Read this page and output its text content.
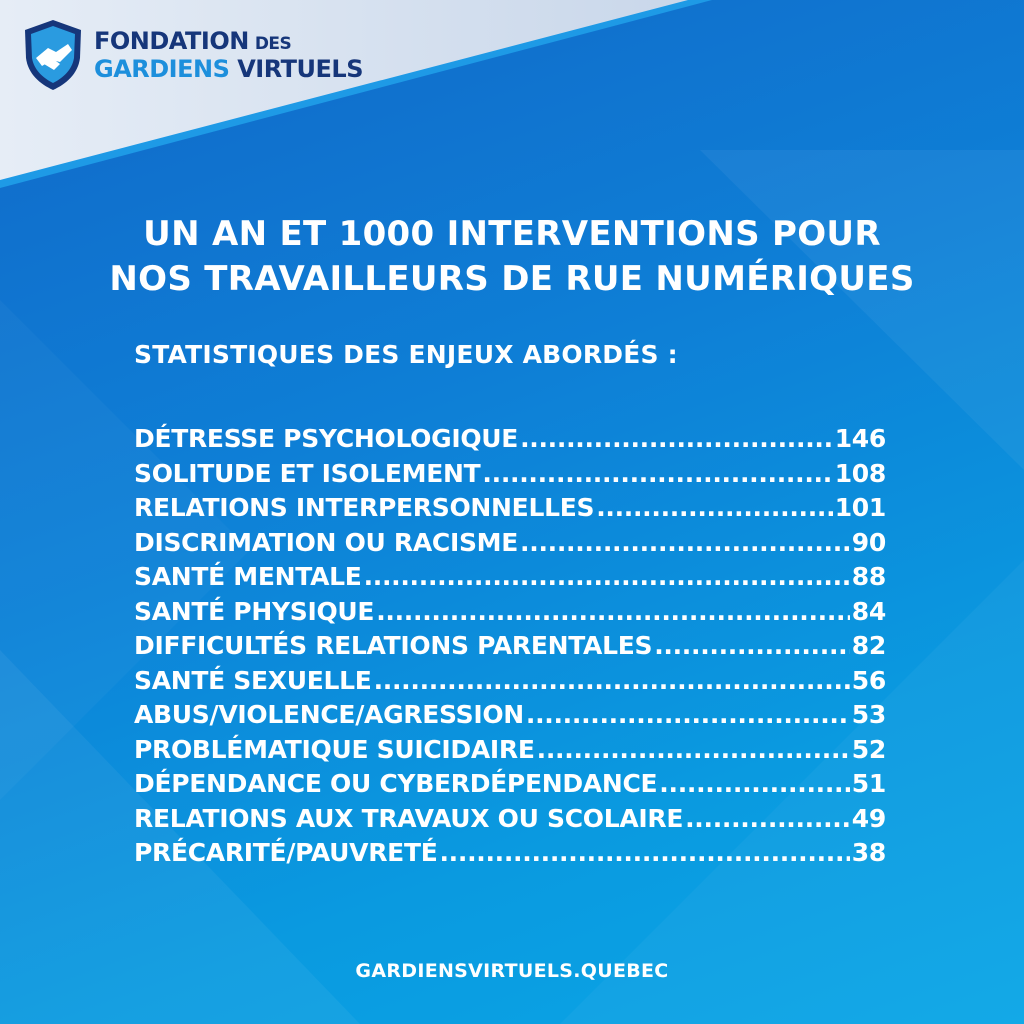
FONDATION DES
GARDIENS VIRTUELS
UN AN ET 1000 INTERVENTIONS POUR
NOS TRAVAILLEURS DE RUE NUMÉRIQUES
STATISTIQUES DES ENJEUX ABORDÉS :
DÉTRESSE PSYCHOLOGIQUE .....	146
SOLITUDE ET ISOLEMENT .....	108
RELATIONS INTERPERSONNELLES .....	101
DISCRIMATION OU RACISME .....	90
SANTÉ MENTALE .....	88
SANTÉ PHYSIQUE .....	84
DIFFICULTÉS RELATIONS PARENTALES .....	82
SANTÉ SEXUELLE .....	56
ABUS/VIOLENCE/AGRESSION .....	53
PROBLÉMATIQUE SUICIDAIRE .....	52
DÉPENDANCE OU CYBERDÉPENDANCE .....	51
RELATIONS AUX TRAVAUX OU SCOLAIRE .....	49
PRÉCARITÉ/PAUVRETÉ .....	38
GARDIENSVIRTUELS.QUEBEC
